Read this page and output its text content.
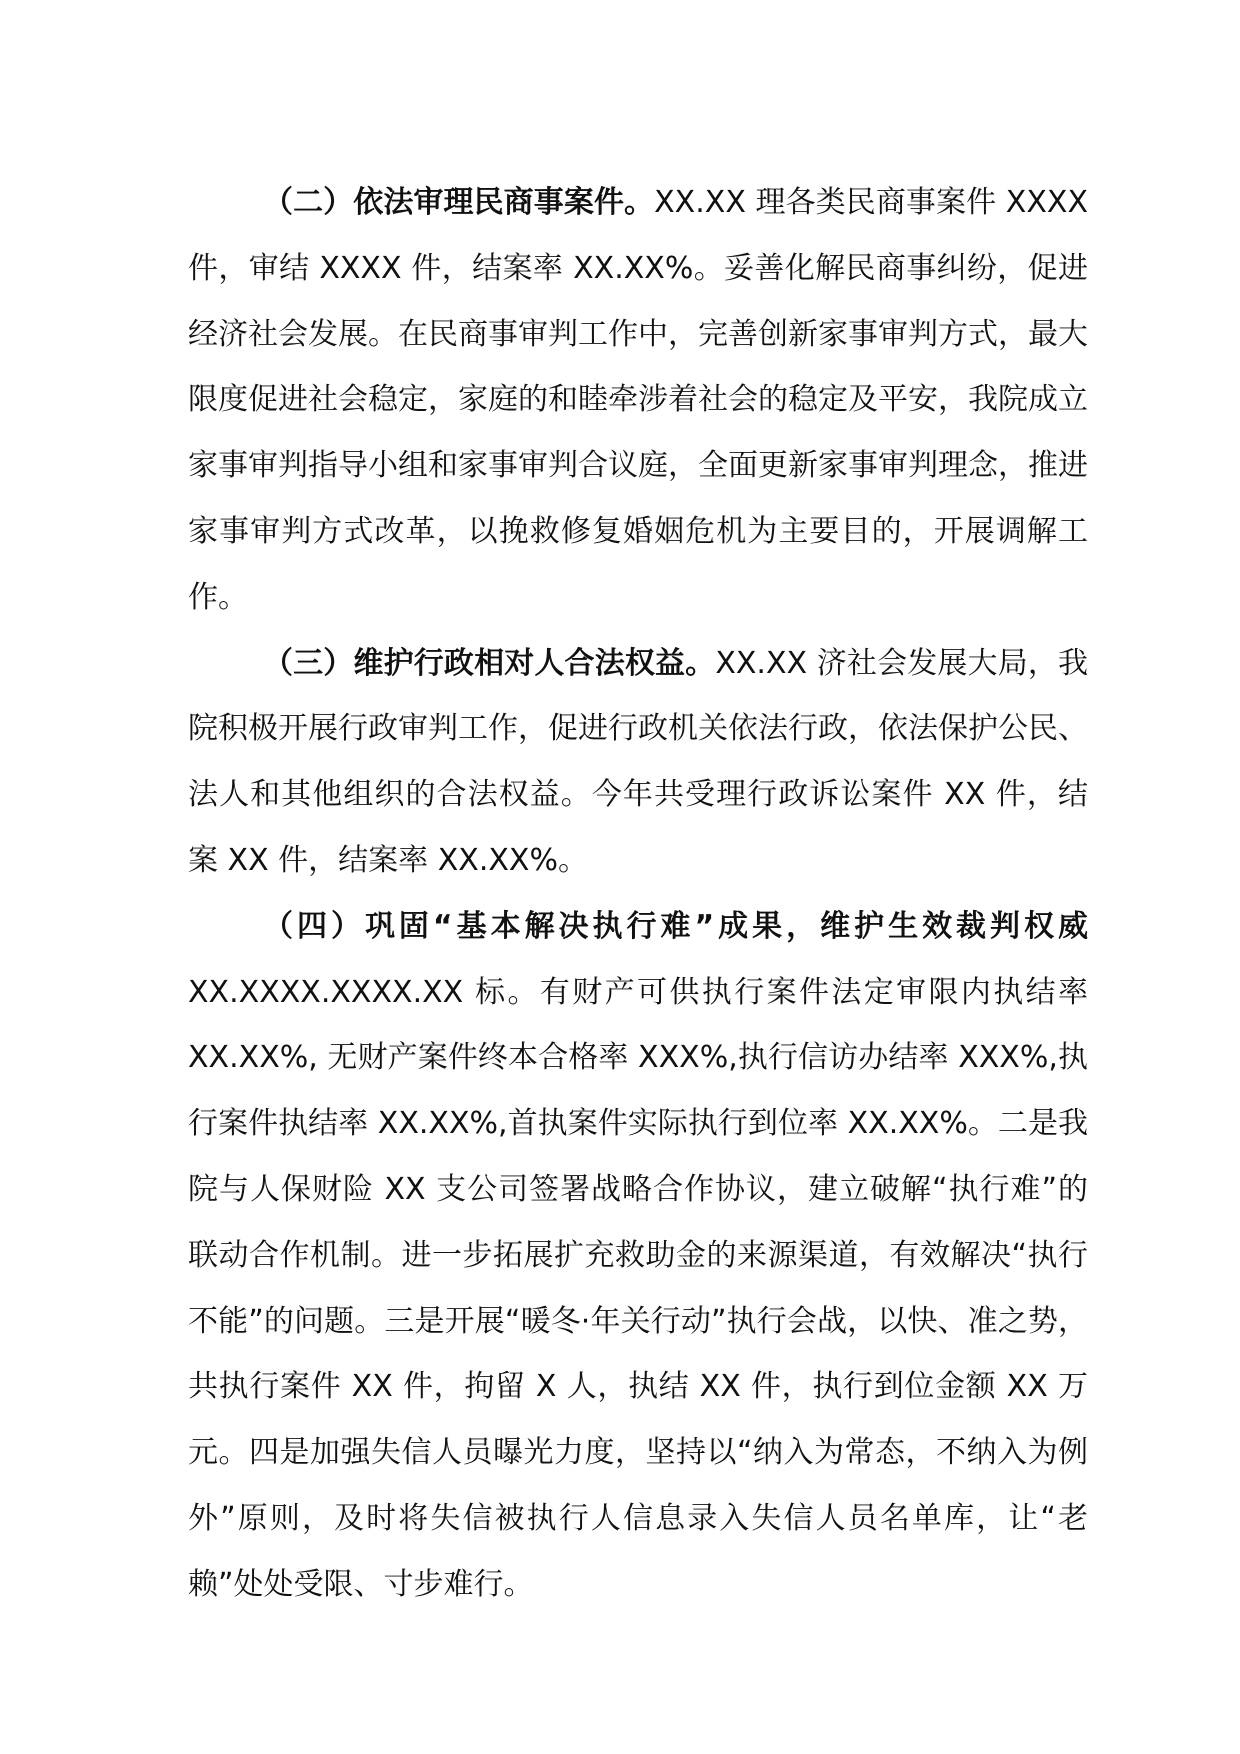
（二）依法审理民商事案件。XX.XX 理各类民商事案件 XXXX 件，审结 XXXX 件，结案率 XX.XX%。妥善化解民商事纠纷，促进经济社会发展。在民商事审判工作中，完善创新家事审判方式，最大限度促进社会稳定，家庭的和睦牵涉着社会的稳定及平安，我院成立家事审判指导小组和家事审判合议庭，全面更新家事审判理念，推进家事审判方式改革，以挽救修复婚姻危机为主要目的，开展调解工作。

（三）维护行政相对人合法权益。XX.XX 济社会发展大局，我院积极开展行政审判工作，促进行政机关依法行政，依法保护公民、法人和其他组织的合法权益。今年共受理行政诉讼案件 XX 件，结案 XX 件，结案率 XX.XX%。

（四）巩固“基本解决执行难”成果，维护生效裁判权威XX.XXXX.XXXX.XX 标。有财产可供执行案件法定审限内执结率 XX.XX%, 无财产案件终本合格率 XXX%,执行信访办结率 XXX%,执行案件执结率 XX.XX%,首执案件实际执行到位率 XX.XX%。二是我院与人保财险 XX 支公司签署战略合作协议，建立破解“执行难”的联动合作机制。进一步拓展扩充救助金的来源渠道，有效解决“执行不能”的问题。三是开展“暖冬·年关行动”执行会战，以快、准之势，共执行案件 XX 件，拘留 X 人，执结 XX 件，执行到位金额 XX 万元。四是加强失信人员曝光力度，坚持以“纳入为常态，不纳入为例外”原则，及时将失信被执行人信息录入失信人员名单库，让“老赖”处处受限、寸步难行。
